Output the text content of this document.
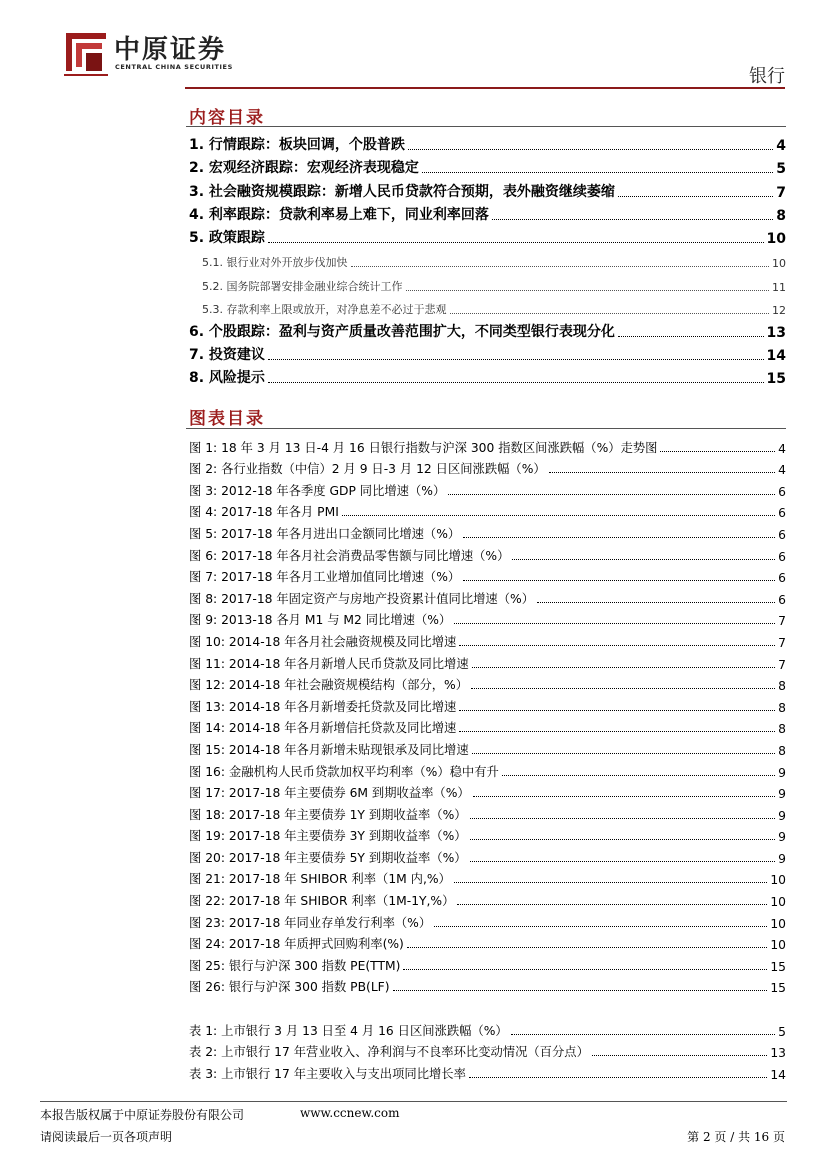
中原证券
CENTRAL CHINA SECURITIES	银行
内容目录
1. 行情跟踪：板块回调，个股普跌	4
2. 宏观经济跟踪：宏观经济表现稳定	5
3. 社会融资规模跟踪：新增人民币贷款符合预期，表外融资继续萎缩	7
4. 利率跟踪：贷款利率易上难下，同业利率回落	8
5. 政策跟踪	10
5.1. 银行业对外开放步伐加快	10
5.2. 国务院部署安排金融业综合统计工作	11
5.3. 存款利率上限或放开，对净息差不必过于悲观	12
6. 个股跟踪：盈利与资产质量改善范围扩大，不同类型银行表现分化	13
7. 投资建议	14
8. 风险提示	15
图表目录
图 1: 18 年 3 月 13 日-4 月 16 日银行指数与沪深 300 指数区间涨跌幅（%）走势图	4
图 2: 各行业指数（中信）2 月 9 日-3 月 12 日区间涨跌幅（%）	4
图 3: 2012-18 年各季度 GDP 同比增速（%）	6
图 4: 2017-18 年各月 PMI	6
图 5: 2017-18 年各月进出口金额同比增速（%）	6
图 6: 2017-18 年各月社会消费品零售额与同比增速（%）	6
图 7: 2017-18 年各月工业增加值同比增速（%）	6
图 8: 2017-18 年固定资产与房地产投资累计值同比增速（%）	6
图 9: 2013-18 各月 M1 与 M2 同比增速（%）	7
图 10: 2014-18 年各月社会融资规模及同比增速	7
图 11: 2014-18 年各月新增人民币贷款及同比增速	7
图 12: 2014-18 年社会融资规模结构（部分，%）	8
图 13: 2014-18 年各月新增委托贷款及同比增速	8
图 14: 2014-18 年各月新增信托贷款及同比增速	8
图 15: 2014-18 年各月新增未贴现银承及同比增速	8
图 16: 金融机构人民币贷款加权平均利率（%）稳中有升	9
图 17: 2017-18 年主要债券 6M 到期收益率（%）	9
图 18: 2017-18 年主要债券 1Y 到期收益率（%）	9
图 19: 2017-18 年主要债券 3Y 到期收益率（%）	9
图 20: 2017-18 年主要债券 5Y 到期收益率（%）	9
图 21: 2017-18 年 SHIBOR 利率（1M 内,%）	10
图 22: 2017-18 年 SHIBOR 利率（1M-1Y,%）	10
图 23: 2017-18 年同业存单发行利率（%）	10
图 24: 2017-18 年质押式回购利率(%)	10
图 25: 银行与沪深 300 指数 PE(TTM)	15
图 26: 银行与沪深 300 指数 PB(LF)	15
表 1: 上市银行 3 月 13 日至 4 月 16 日区间涨跌幅（%）	5
表 2: 上市银行 17 年营业收入、净利润与不良率环比变动情况（百分点）	13
表 3: 上市银行 17 年主要收入与支出项同比增长率	14
本报告版权属于中原证券股份有限公司	www.ccnew.com
请阅读最后一页各项声明	第 2 页 / 共 16 页
